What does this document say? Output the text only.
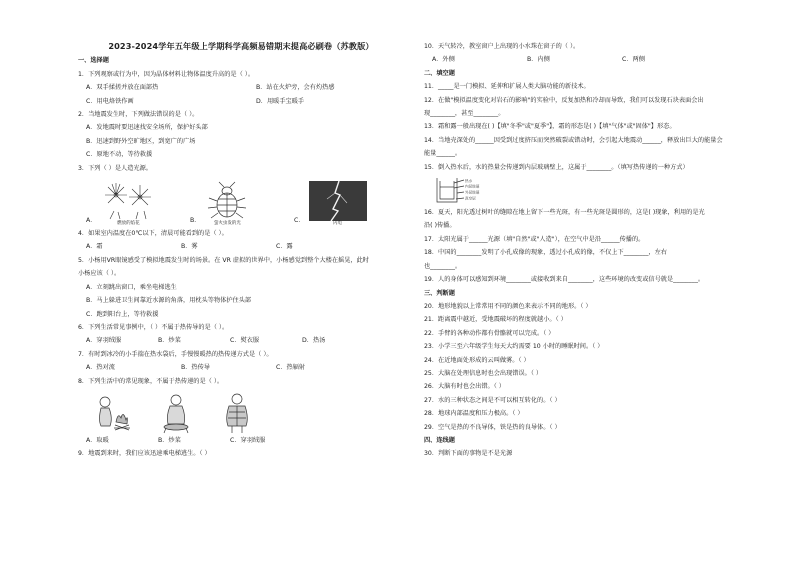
2023-2024学年五年级上学期科学高频易错期末提高必刷卷（苏教版）
一、选择题
1．下列观察或行为中，因为晶体材料让物体温度升高的是（ ）。
A．双手揉搓并放在面部热	B．站在火炉旁，会有灼热感
C．用电烙铁作画	D．用暖手宝暖手
2．当地震发生时，下列做法错误的是（ ）。
A．发地震时要迅速找安全场所，保护好头部
B．迅速到野外空旷地区，到宽广的广场
C．原地不动，等待救援
3．下列（ ）是人造光源。
A．	燃放的焰花	B．	萤火虫发的光	C．	闪电
4．如果室内温度在0℃以下，清晨可能看到的是（ ）。
A．霜	B．雾	C．露
5．小杨用VR眼镜感受了模拟地震发生时的场景。在 VR 虚拟的世界中，小杨感觉到整个大楼在摇晃，此时
小杨应该（ ）。
A．立刻跳出窗口，乘坐电梯逃生
B．马上躲进卫生间靠近水源的角落，用枕头等物体护住头部
C．跑到阳台上，等待救援
6．下列生活常见事例中，（ ）不属于热传导的是（ ）。
A．穿羽绒服	B．炒菜	C．熨衣服	D．热汤
7．有时到冰冷的小手揣在热水袋后，手慢慢暖热的热传递方式是（ ）。
A．热对流	B．热传导	C．热辐射
8．下列生活中的常见现象，不属于热传递的是（ ）。
A．取暖	B．炒菜	C．穿羽绒服
9．地震到来时，我们应该迅速乘电梯逃生。（ ）
10．天气转冷，教室窗户上出现的小水珠在窗子的（ ）。
A．外侧	B．内侧	C．两侧
二、填空题
11．_____是一门模拟、延伸和扩展人类大脑功能的新技术。
12．在做"模拟温度变化对岩石的影响"的实验中，反复加热和冷却而导致，我们可以发现石块表面会出
现________，甚至________。
13．霜和露一般出现在( )【填"冬季"或"夏季"】，霜的形态是( )【填"气体"或"固体"】形态。
14．当地壳深处的______因受到过度挤压而突然破裂或错动时，会引起大地震动______，释放出巨大的能量会
能量______。
15．倒入热水后，水的热量会传递到内层玻璃壁上，这属于________。（填写热传递的一种方式）
热水
内层玻璃
外层玻璃
真空层
16．夏天，阳光透过树叶的缝隙在地上留下一些光斑，有一些光斑是圆形的，这是( )现象，利用的是光
沿( )传播。
17．太阳光属于______光源（填"自然"或"人造"），在空气中是沿______传播的。
18．中国的________发明了小孔成像的现象，透过小孔成的像，不仅上下________，左右
也________。
19．人的身体可以感知到环境________或接收到来自________，这些环境的改变或信号就是________。
三、判断题
20．地形地貌以上常常用不同的颜色来表示不同的地形。（ ）
21．距离震中越近，受地震破坏的程度就越小。（ ）
22．手臂的各种动作都有骨骼就可以完成。（ ）
23．小学三至六年级学生每天大约需要 10 小时的睡眠时间。（ ）
24．在近地面处形成的云叫做雾。（ ）
25．大脑在处理信息时也会出现错误。（ ）
26．大脑有时也会出错。（ ）
27．水的三种状态之间是不可以相互转化的。（ ）
28．地球内部温度和压力极高。（ ）
29．空气是热的不良导体，铁是热的良导体。（ ）
四、连线题
30．判断下面的事物是不是光源
